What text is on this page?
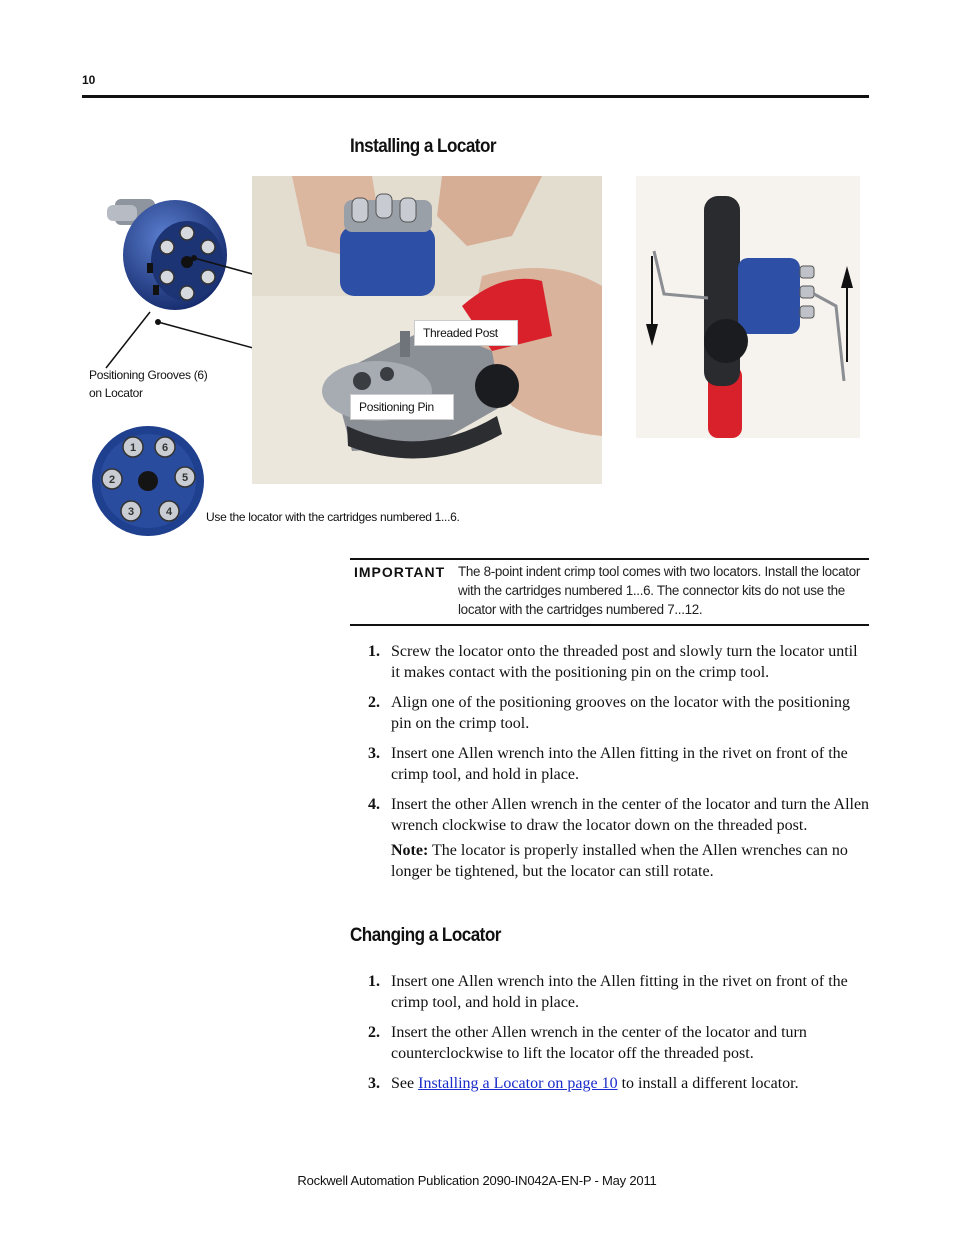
10
Installing a Locator
Positioning Grooves (6)
on Locator
Threaded Post
Positioning Pin
1 6
5
4
3
2
Use the locator with the cartridges numbered 1...6.
IMPORTANT The 8-point indent crimp tool comes with two locators. Install the locator with the cartridges numbered 1...6. The connector kits do not use the locator with the cartridges numbered 7...12.
1. Screw the locator onto the threaded post and slowly turn the locator until it makes contact with the positioning pin on the crimp tool.
2. Align one of the positioning grooves on the locator with the positioning pin on the crimp tool.
3. Insert one Allen wrench into the Allen fitting in the rivet on front of the crimp tool, and hold in place.
4. Insert the other Allen wrench in the center of the locator and turn the Allen wrench clockwise to draw the locator down on the threaded post.
Note: The locator is properly installed when the Allen wrenches can no longer be tightened, but the locator can still rotate.
Changing a Locator
1. Insert one Allen wrench into the Allen fitting in the rivet on front of the crimp tool, and hold in place.
2. Insert the other Allen wrench in the center of the locator and turn counterclockwise to lift the locator off the threaded post.
3. See Installing a Locator on page 10 to install a different locator.
Rockwell Automation Publication 2090-IN042A-EN-P - May 2011
